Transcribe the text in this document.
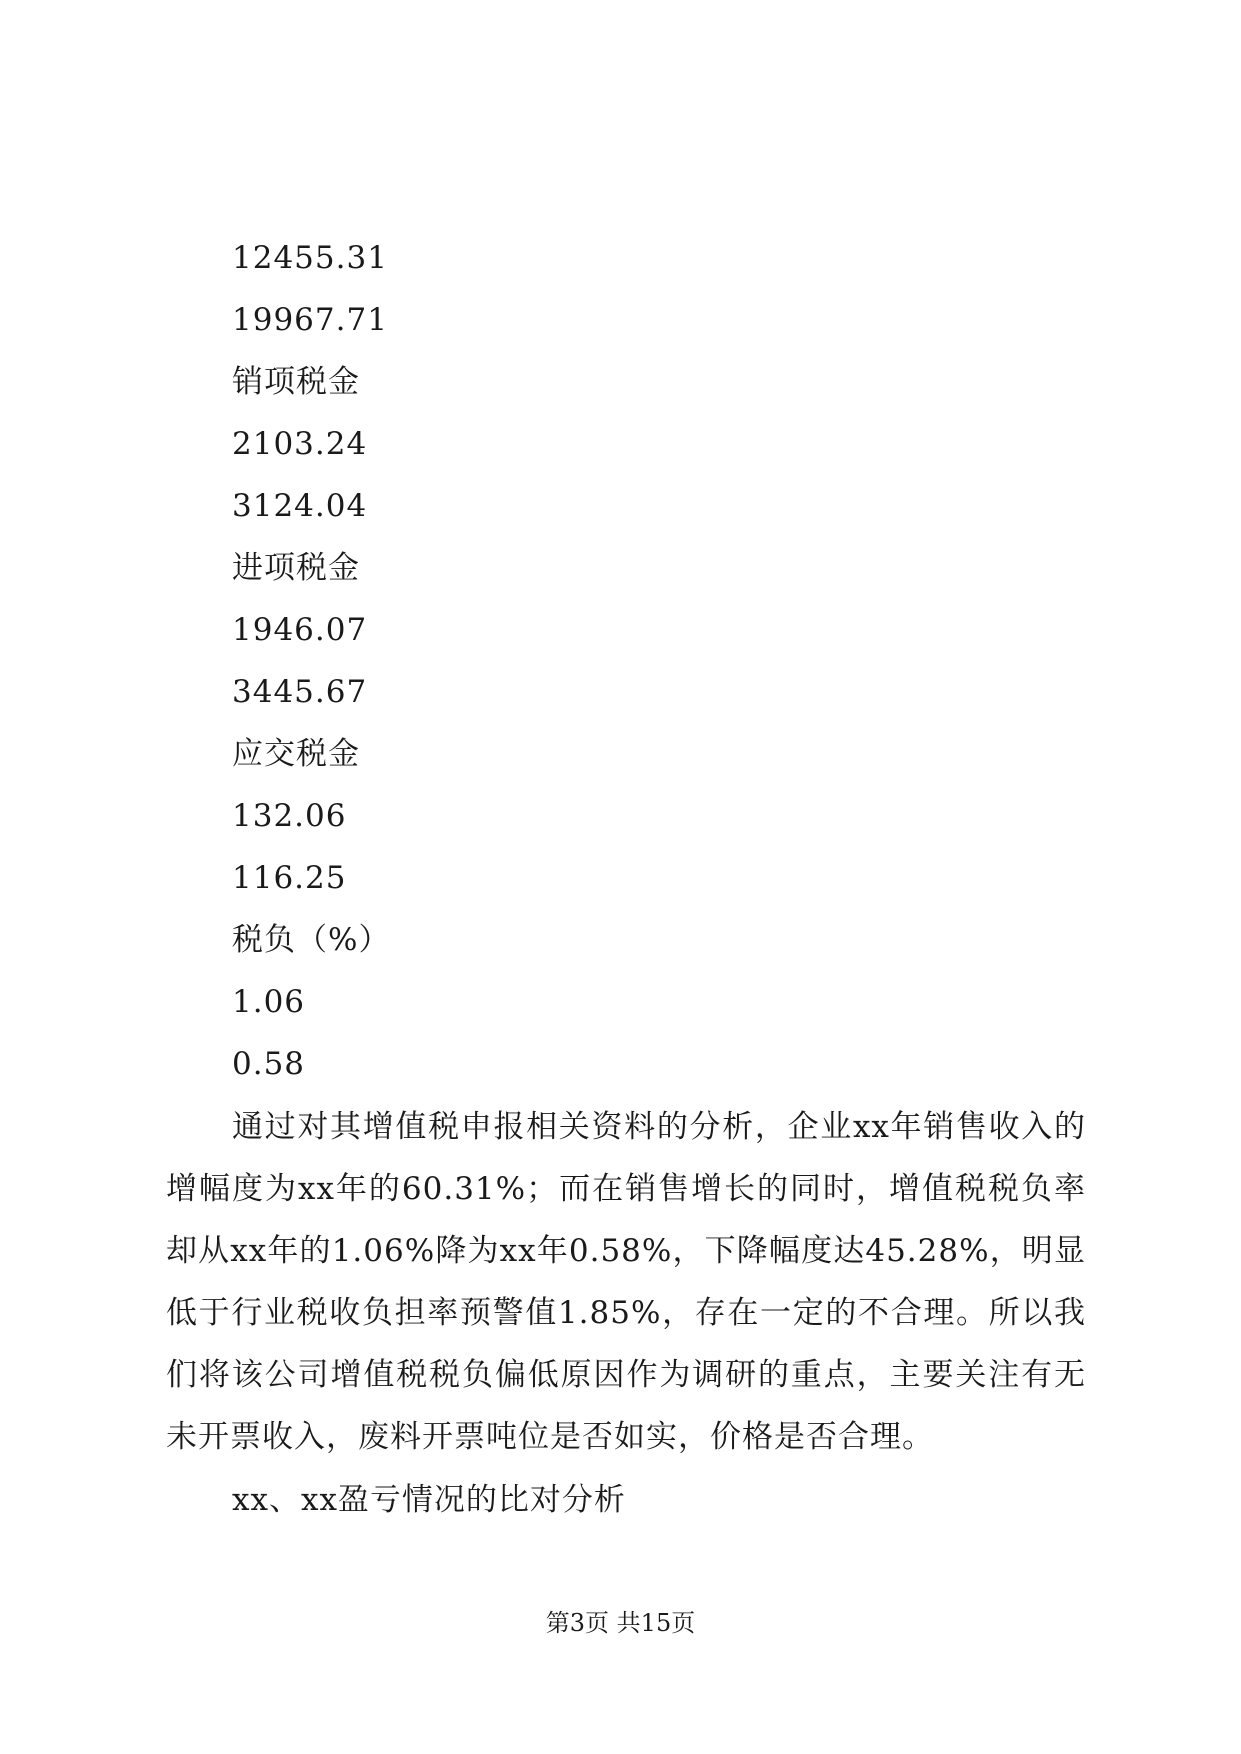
12455.31
19967.71
销项税金
2103.24
3124.04
进项税金
1946.07
3445.67
应交税金
132.06
116.25
税负（%）
1.06
0.58
通过对其增值税申报相关资料的分析，企业xx年销售收入的增幅度为xx年的60.31%；而在销售增长的同时，增值税税负率却从xx年的1.06%降为xx年0.58%，下降幅度达45.28%，明显低于行业税收负担率预警值1.85%，存在一定的不合理。所以我们将该公司增值税税负偏低原因作为调研的重点，主要关注有无未开票收入，废料开票吨位是否如实，价格是否合理。
xx、xx盈亏情况的比对分析
第3页 共15页
